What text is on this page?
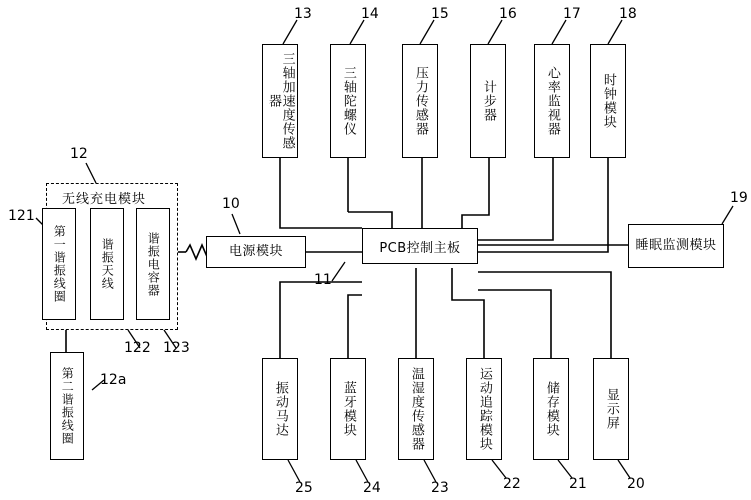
三轴加速度传感器
13
三轴陀螺仪
14
压力传感器
15
计步器
16
心率监视器
17
时钟模块
18
无线充电模块
12
第一谐振线圈
121
谐振天线
122
谐振电容器
123
第二谐振线圈 12a
电源模块
10
PCB控制主板
11
睡眠监测模块
19
振动马达
25
蓝牙模块
24
温湿度传感器
23
运动追踪模块
22
储存模块
21
显示屏
20
